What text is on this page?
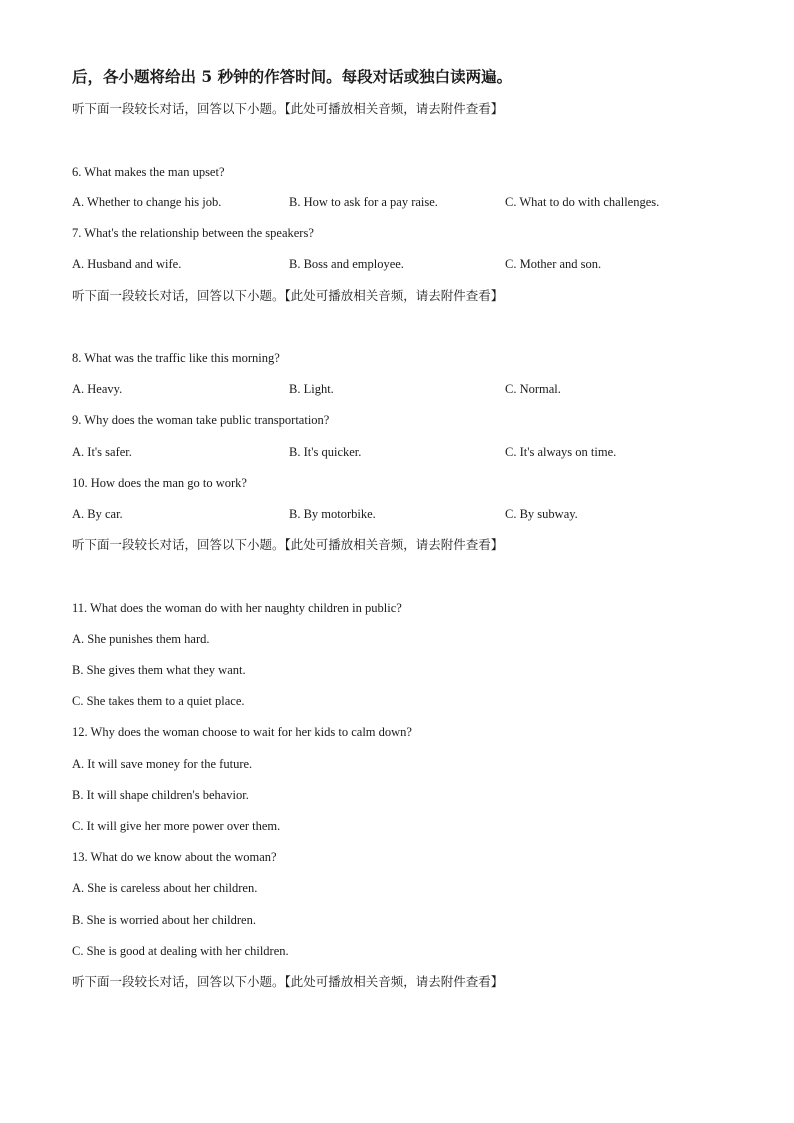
后，各小题将给出 5 秒钟的作答时间。每段对话或独白读两遍。
听下面一段较长对话，回答以下小题。【此处可播放相关音频，请去附件查看】
6. What makes the man upset?
A. Whether to change his job.	B. How to ask for a pay raise.	C. What to do with challenges.
7. What's the relationship between the speakers?
A. Husband and wife.	B. Boss and employee.	C. Mother and son.
听下面一段较长对话，回答以下小题。【此处可播放相关音频，请去附件查看】
8. What was the traffic like this morning?
A. Heavy.	B. Light.	C. Normal.
9. Why does the woman take public transportation?
A. It's safer.	B. It's quicker.	C. It's always on time.
10. How does the man go to work?
A. By car.	B. By motorbike.	C. By subway.
听下面一段较长对话，回答以下小题。【此处可播放相关音频，请去附件查看】
11. What does the woman do with her naughty children in public?
A. She punishes them hard.
B. She gives them what they want.
C. She takes them to a quiet place.
12. Why does the woman choose to wait for her kids to calm down?
A. It will save money for the future.
B. It will shape children's behavior.
C. It will give her more power over them.
13. What do we know about the woman?
A. She is careless about her children.
B. She is worried about her children.
C. She is good at dealing with her children.
听下面一段较长对话，回答以下小题。【此处可播放相关音频，请去附件查看】
